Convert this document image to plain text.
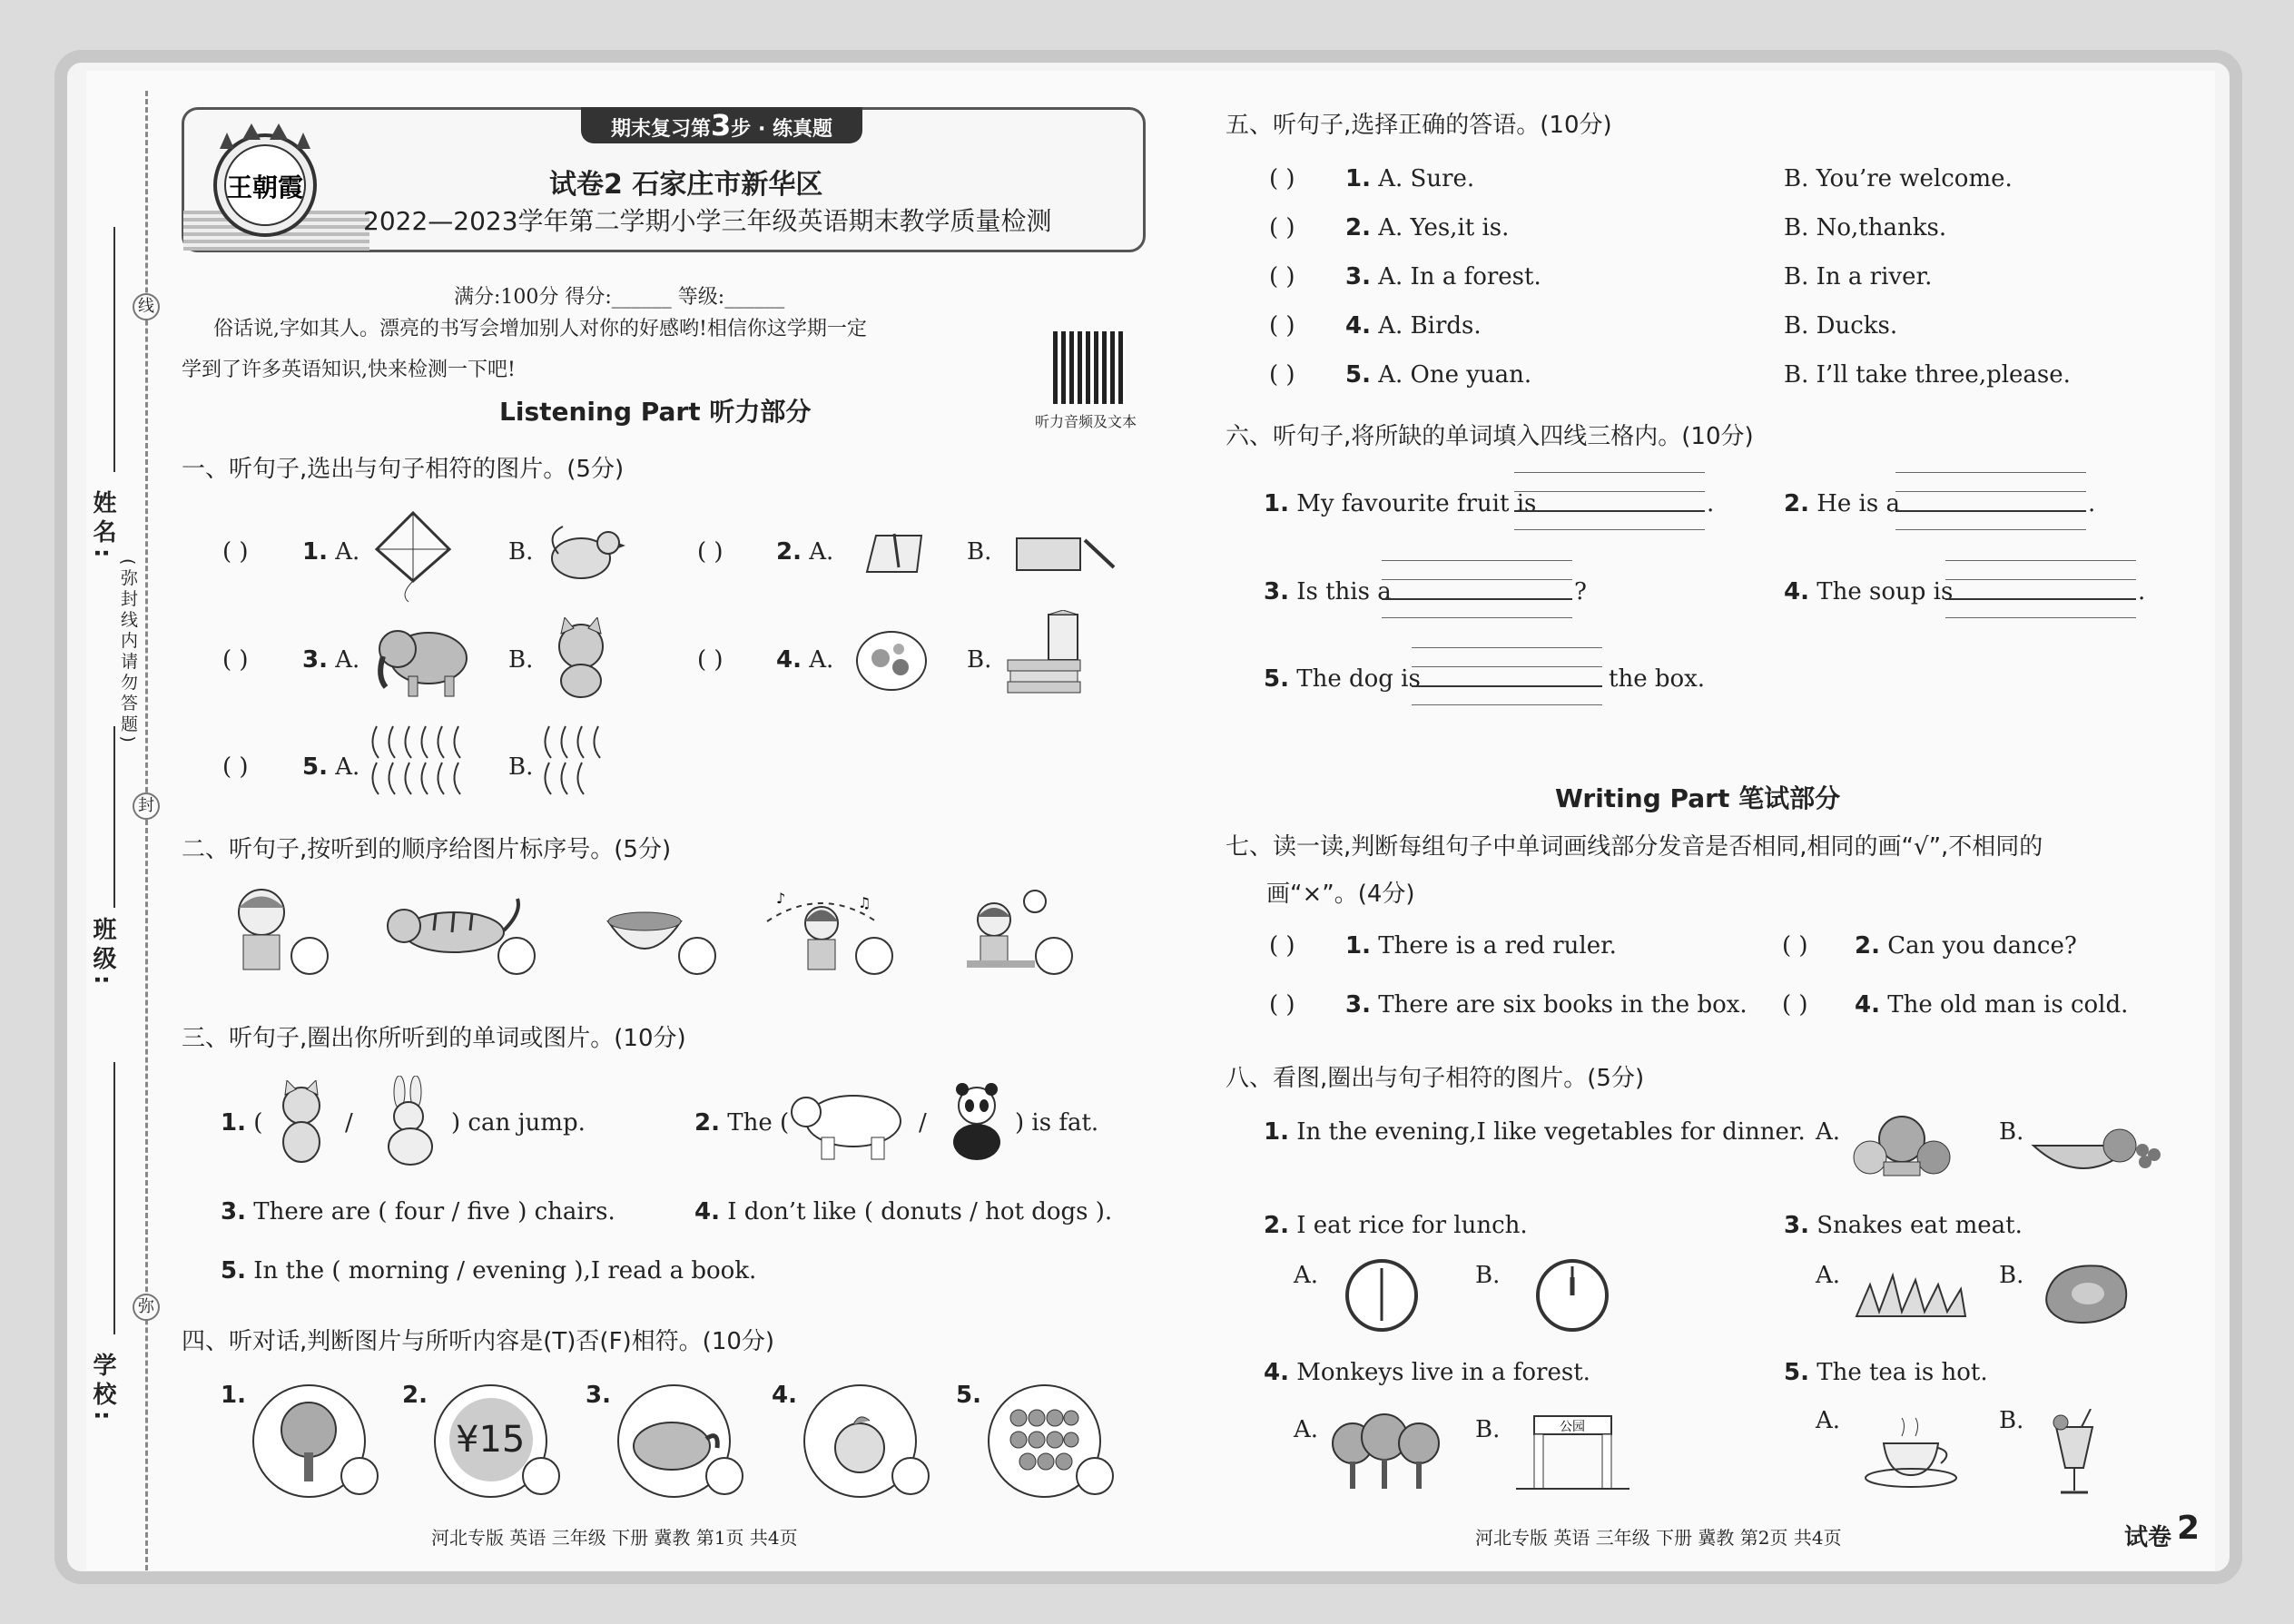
线
封
弥
姓名:
(弥封线内请勿答题)
班级:
学校:
期末复习第3步 · 练真题
王朝霞	试卷2 石家庄市新华区
2022—2023学年第二学期小学三年级英语期末教学质量检测
满分:100分 得分:______ 等级:______
俗话说,字如其人。漂亮的书写会增加别人对你的好感哟!相信你这学期一定
学到了许多英语知识,快来检测一下吧!
听力音频及文本
Listening Part 听力部分
一、听句子,选出与句子相符的图片。(5分)
( ) 1. A.	B.	( ) 2. A.	B.
( ) 3. A.	B.	( ) 4. A.	B.
( ) 5. A.	B.
二、听句子,按听到的顺序给图片标序号。(5分)
♪	♫
三、听句子,圈出你所听到的单词或图片。(10分)
1. (	/	) can jump.	2. The (	/	) is fat.
3. There are ( four / five ) chairs.	4. I don’t like ( donuts / hot dogs ).
5. In the ( morning / evening ),I read a book.
四、听对话,判断图片与所听内容是(T)否(F)相符。(10分)
1.	2.
¥15
3.	4.	5.
河北专版 英语 三年级 下册 冀教 第1页 共4页
五、听句子,选择正确的答语。(10分)
( ) 1. A. Sure.	B. You’re welcome.
( ) 2. A. Yes,it is.	B. No,thanks.
( ) 3. A. In a forest.	B. In a river.
( ) 4. A. Birds.	B. Ducks.
( ) 5. A. One yuan.	B. I’ll take three,please.
六、听句子,将所缺的单词填入四线三格内。(10分)
1. My favourite fruit is	.	2. He is a	.
3. Is this a	?	4. The soup is	.
5. The dog is	the box.
Writing Part 笔试部分
七、读一读,判断每组句子中单词画线部分发音是否相同,相同的画“√”,不相同的
画“×”。(4分)
( ) 1. There is a red ruler.	( ) 2. Can you dance?
( ) 3. There are six books in the box. ( ) 4. The old man is cold.
八、看图,圈出与句子相符的图片。(5分)
1. In the evening,I like vegetables for dinner. A.	B.
2. I eat rice for lunch.
A.	B.
3. Snakes eat meat.
A.	B.
4. Monkeys live in a forest.
A.	B.	公园
5. The tea is hot.
A.	B.
河北专版 英语 三年级 下册 冀教 第2页 共4页	试卷 2
